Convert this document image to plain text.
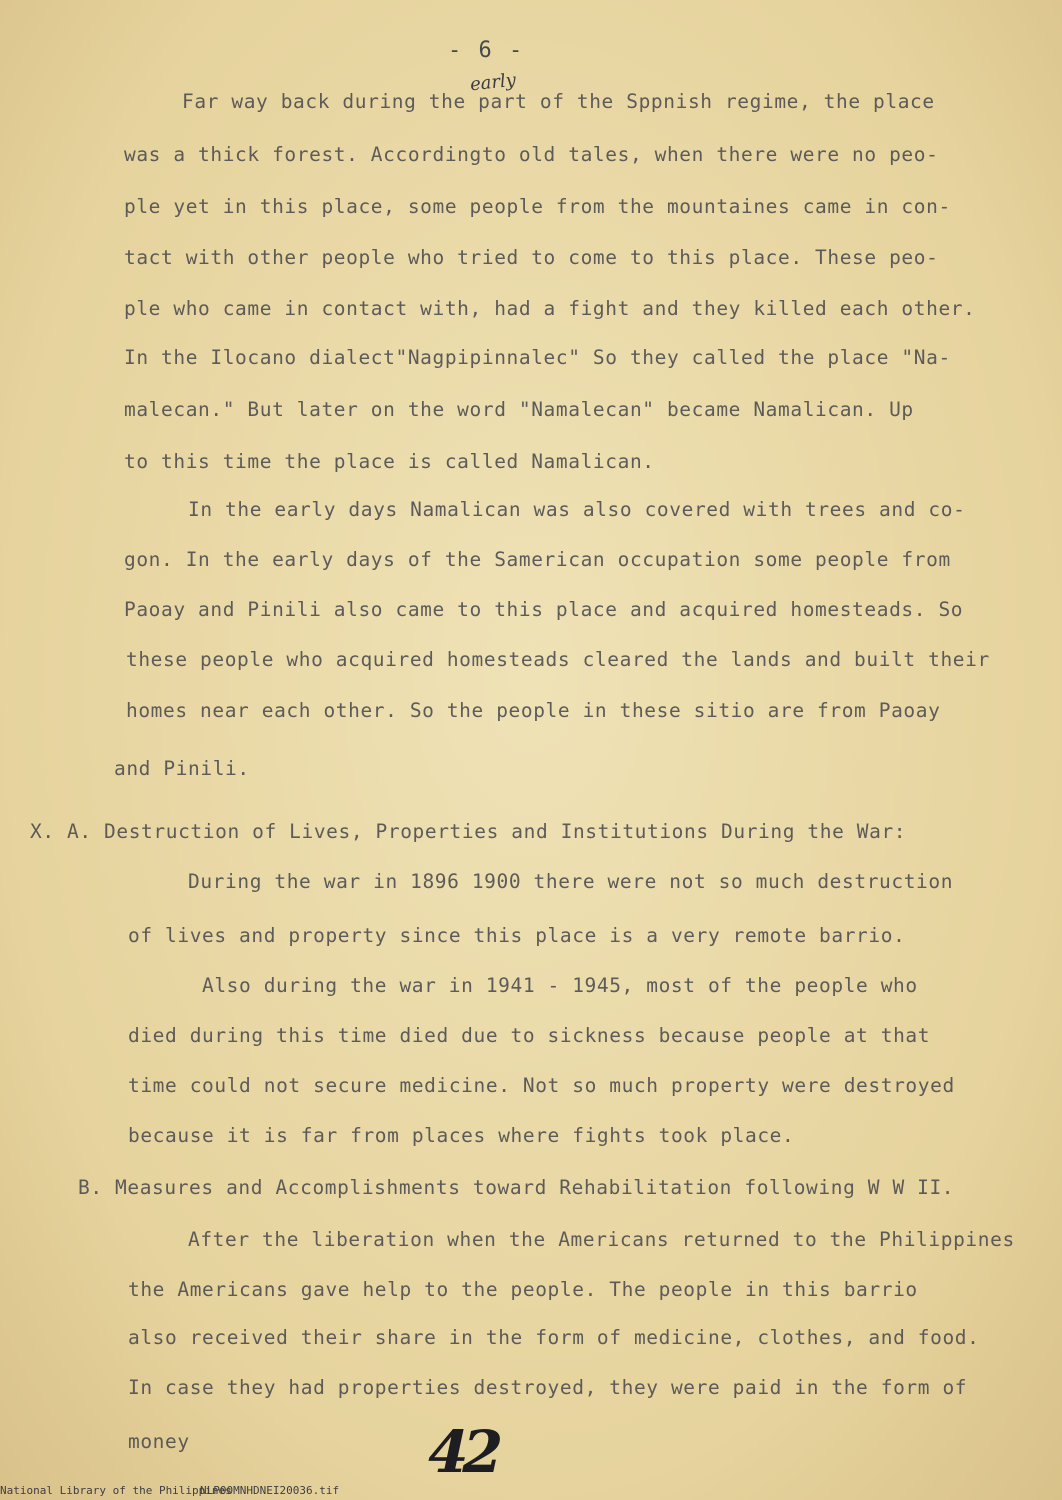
- 6 -
early
Far way back during the part of the Sppnish regime, the place
was a thick forest. Accordingto old tales, when there were no peo-
ple yet in this place, some people from the mountaines came in con-
tact with other people who tried to come to this place. These peo-
ple who came in contact with, had a fight and they killed each other.
In the Ilocano dialect"Nagpipinnalec" So they called the place "Na-
malecan." But later on the word "Namalecan" became Namalican. Up
to this time the place is called Namalican.
In the early days Namalican was also covered with trees and co-
gon. In the early days of the Samerican occupation some people from
Paoay and Pinili also came to this place and acquired homesteads. So
these people who acquired homesteads cleared the lands and built their
homes near each other. So the people in these sitio are from Paoay
and Pinili.
X. A. Destruction of Lives, Properties and Institutions During the War:
During the war in 1896 1900 there were not so much destruction
of lives and property since this place is a very remote barrio.
Also during the war in 1941 - 1945, most of the people who
died during this time died due to sickness because people at that
time could not secure medicine. Not so much property were destroyed
because it is far from places where fights took place.
B. Measures and Accomplishments toward Rehabilitation following W W II.
After the liberation when the Americans returned to the Philippines
the Americans gave help to the people. The people in this barrio
also received their share in the form of medicine, clothes, and food.
In case they had properties destroyed, they were paid in the form of
money	42
National Library of the Philippines
NLP00MNHDNEI20036.tif
